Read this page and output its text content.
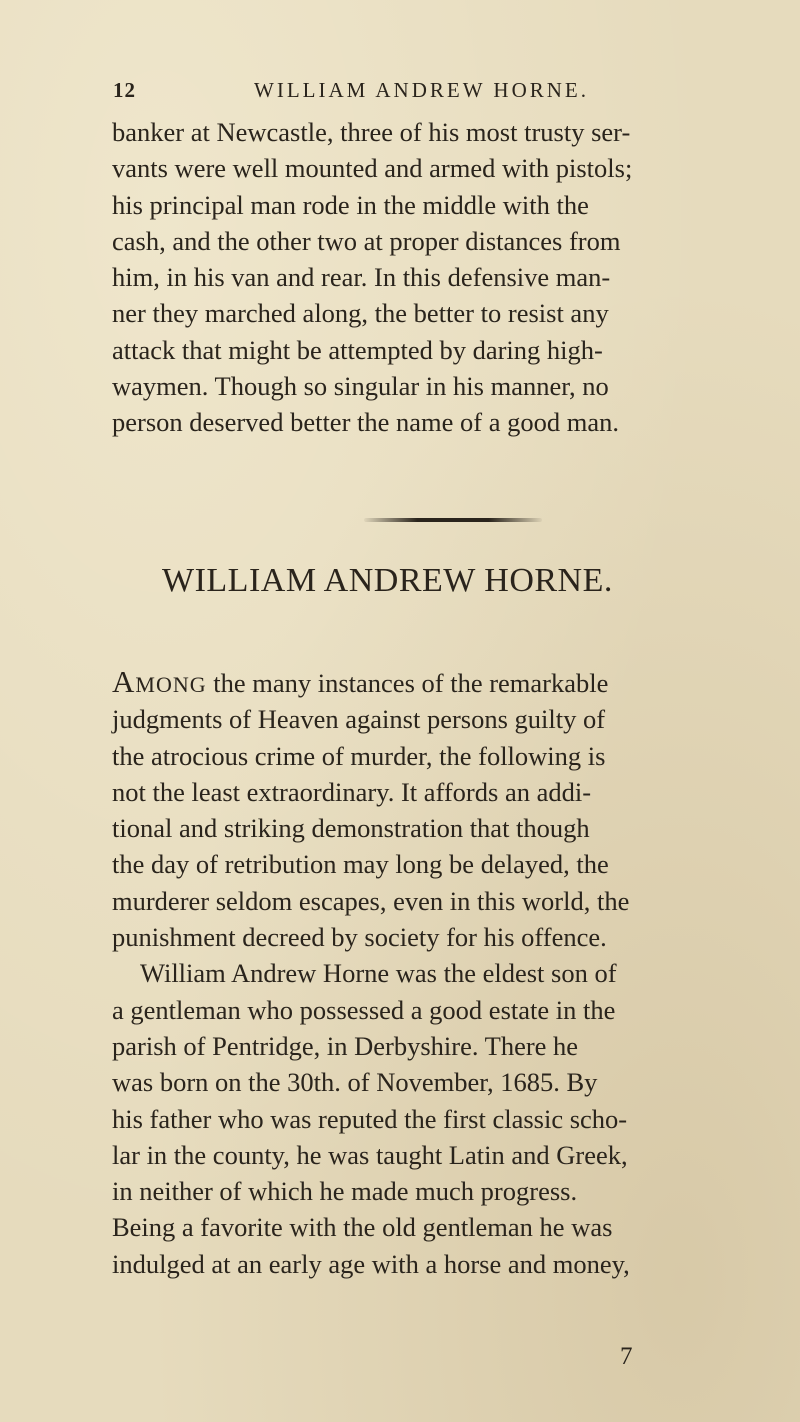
12	WILLIAM ANDREW HORNE.
banker at Newcastle, three of his most trusty ser-
vants were well mounted and armed with pistols;
his principal man rode in the middle with the
cash, and the other two at proper distances from
him, in his van and rear. In this defensive man-
ner they marched along, the better to resist any
attack that might be attempted by daring high-
waymen. Though so singular in his manner, no
person deserved better the name of a good man.
WILLIAM ANDREW HORNE.
Among the many instances of the remarkable
judgments of Heaven against persons guilty of
the atrocious crime of murder, the following is
not the least extraordinary. It affords an addi-
tional and striking demonstration that though
the day of retribution may long be delayed, the
murderer seldom escapes, even in this world, the
punishment decreed by society for his offence.
William Andrew Horne was the eldest son of
a gentleman who possessed a good estate in the
parish of Pentridge, in Derbyshire. There he
was born on the 30th. of November, 1685. By
his father who was reputed the first classic scho-
lar in the county, he was taught Latin and Greek,
in neither of which he made much progress.
Being a favorite with the old gentleman he was
indulged at an early age with a horse and money,
7
